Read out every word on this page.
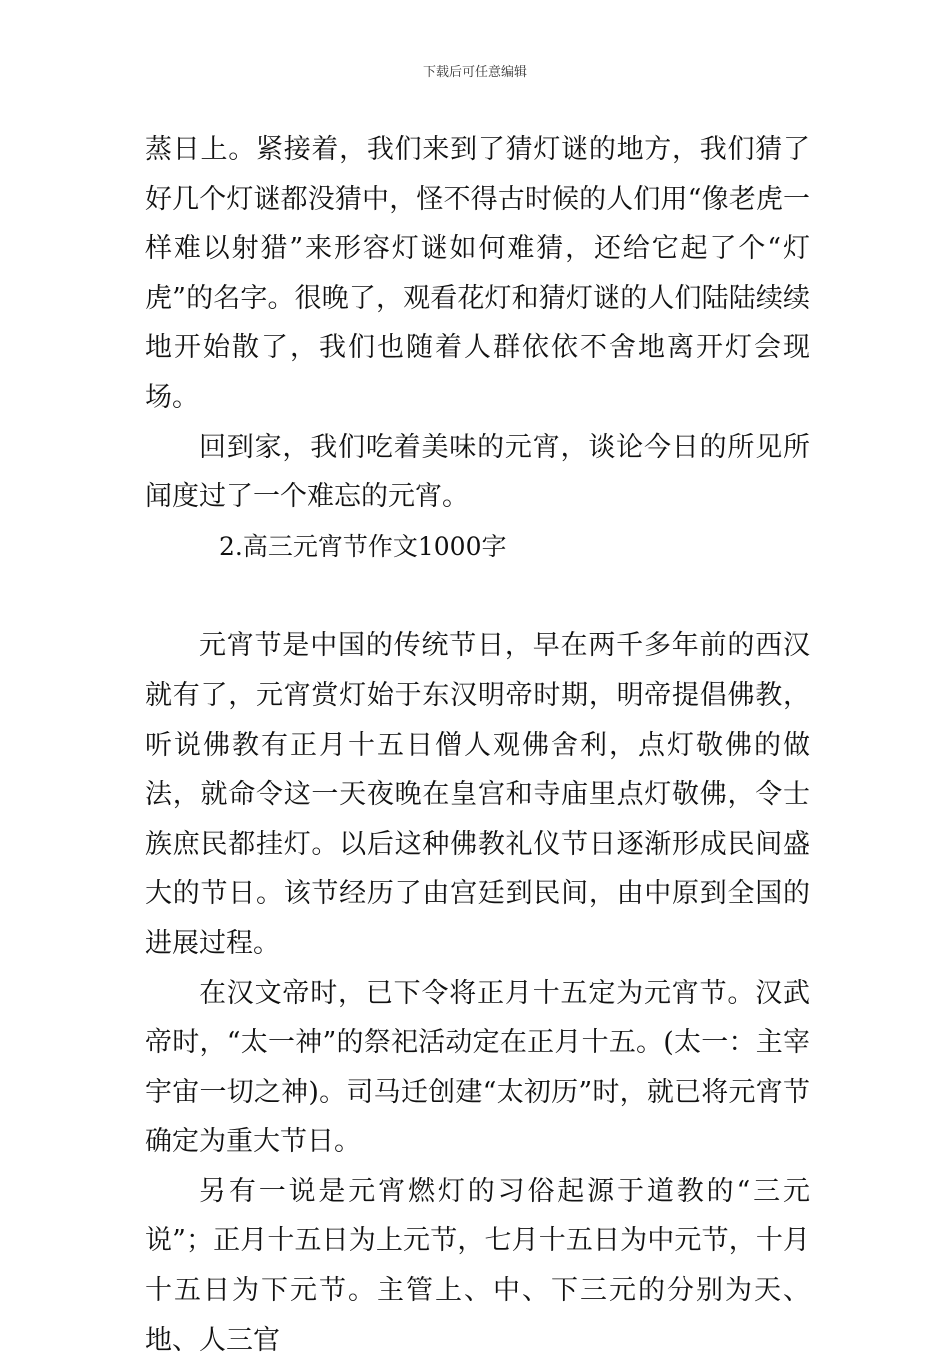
下载后可任意编辑

蒸日上。紧接着，我们来到了猜灯谜的地方，我们猜了好几个灯谜都没猜中，怪不得古时候的人们用“像老虎一样难以射猎”来形容灯谜如何难猜，还给它起了个“灯虎”的名字。很晚了，观看花灯和猜灯谜的人们陆陆续续地开始散了，我们也随着人群依依不舍地离开灯会现场。

回到家，我们吃着美味的元宵，谈论今日的所见所闻度过了一个难忘的元宵。

2.高三元宵节作文1000字

元宵节是中国的传统节日，早在两千多年前的西汉就有了，元宵赏灯始于东汉明帝时期，明帝提倡佛教，听说佛教有正月十五日僧人观佛舍利，点灯敬佛的做法，就命令这一天夜晚在皇宫和寺庙里点灯敬佛，令士族庶民都挂灯。以后这种佛教礼仪节日逐渐形成民间盛大的节日。该节经历了由宫廷到民间，由中原到全国的进展过程。

在汉文帝时，已下令将正月十五定为元宵节。汉武帝时，“太一神”的祭祀活动定在正月十五。(太一：主宰宇宙一切之神)。司马迁创建“太初历”时，就已将元宵节确定为重大节日。

另有一说是元宵燃灯的习俗起源于道教的“三元说”；正月十五日为上元节，七月十五日为中元节，十月十五日为下元节。主管上、中、下三元的分别为天、地、人三官
